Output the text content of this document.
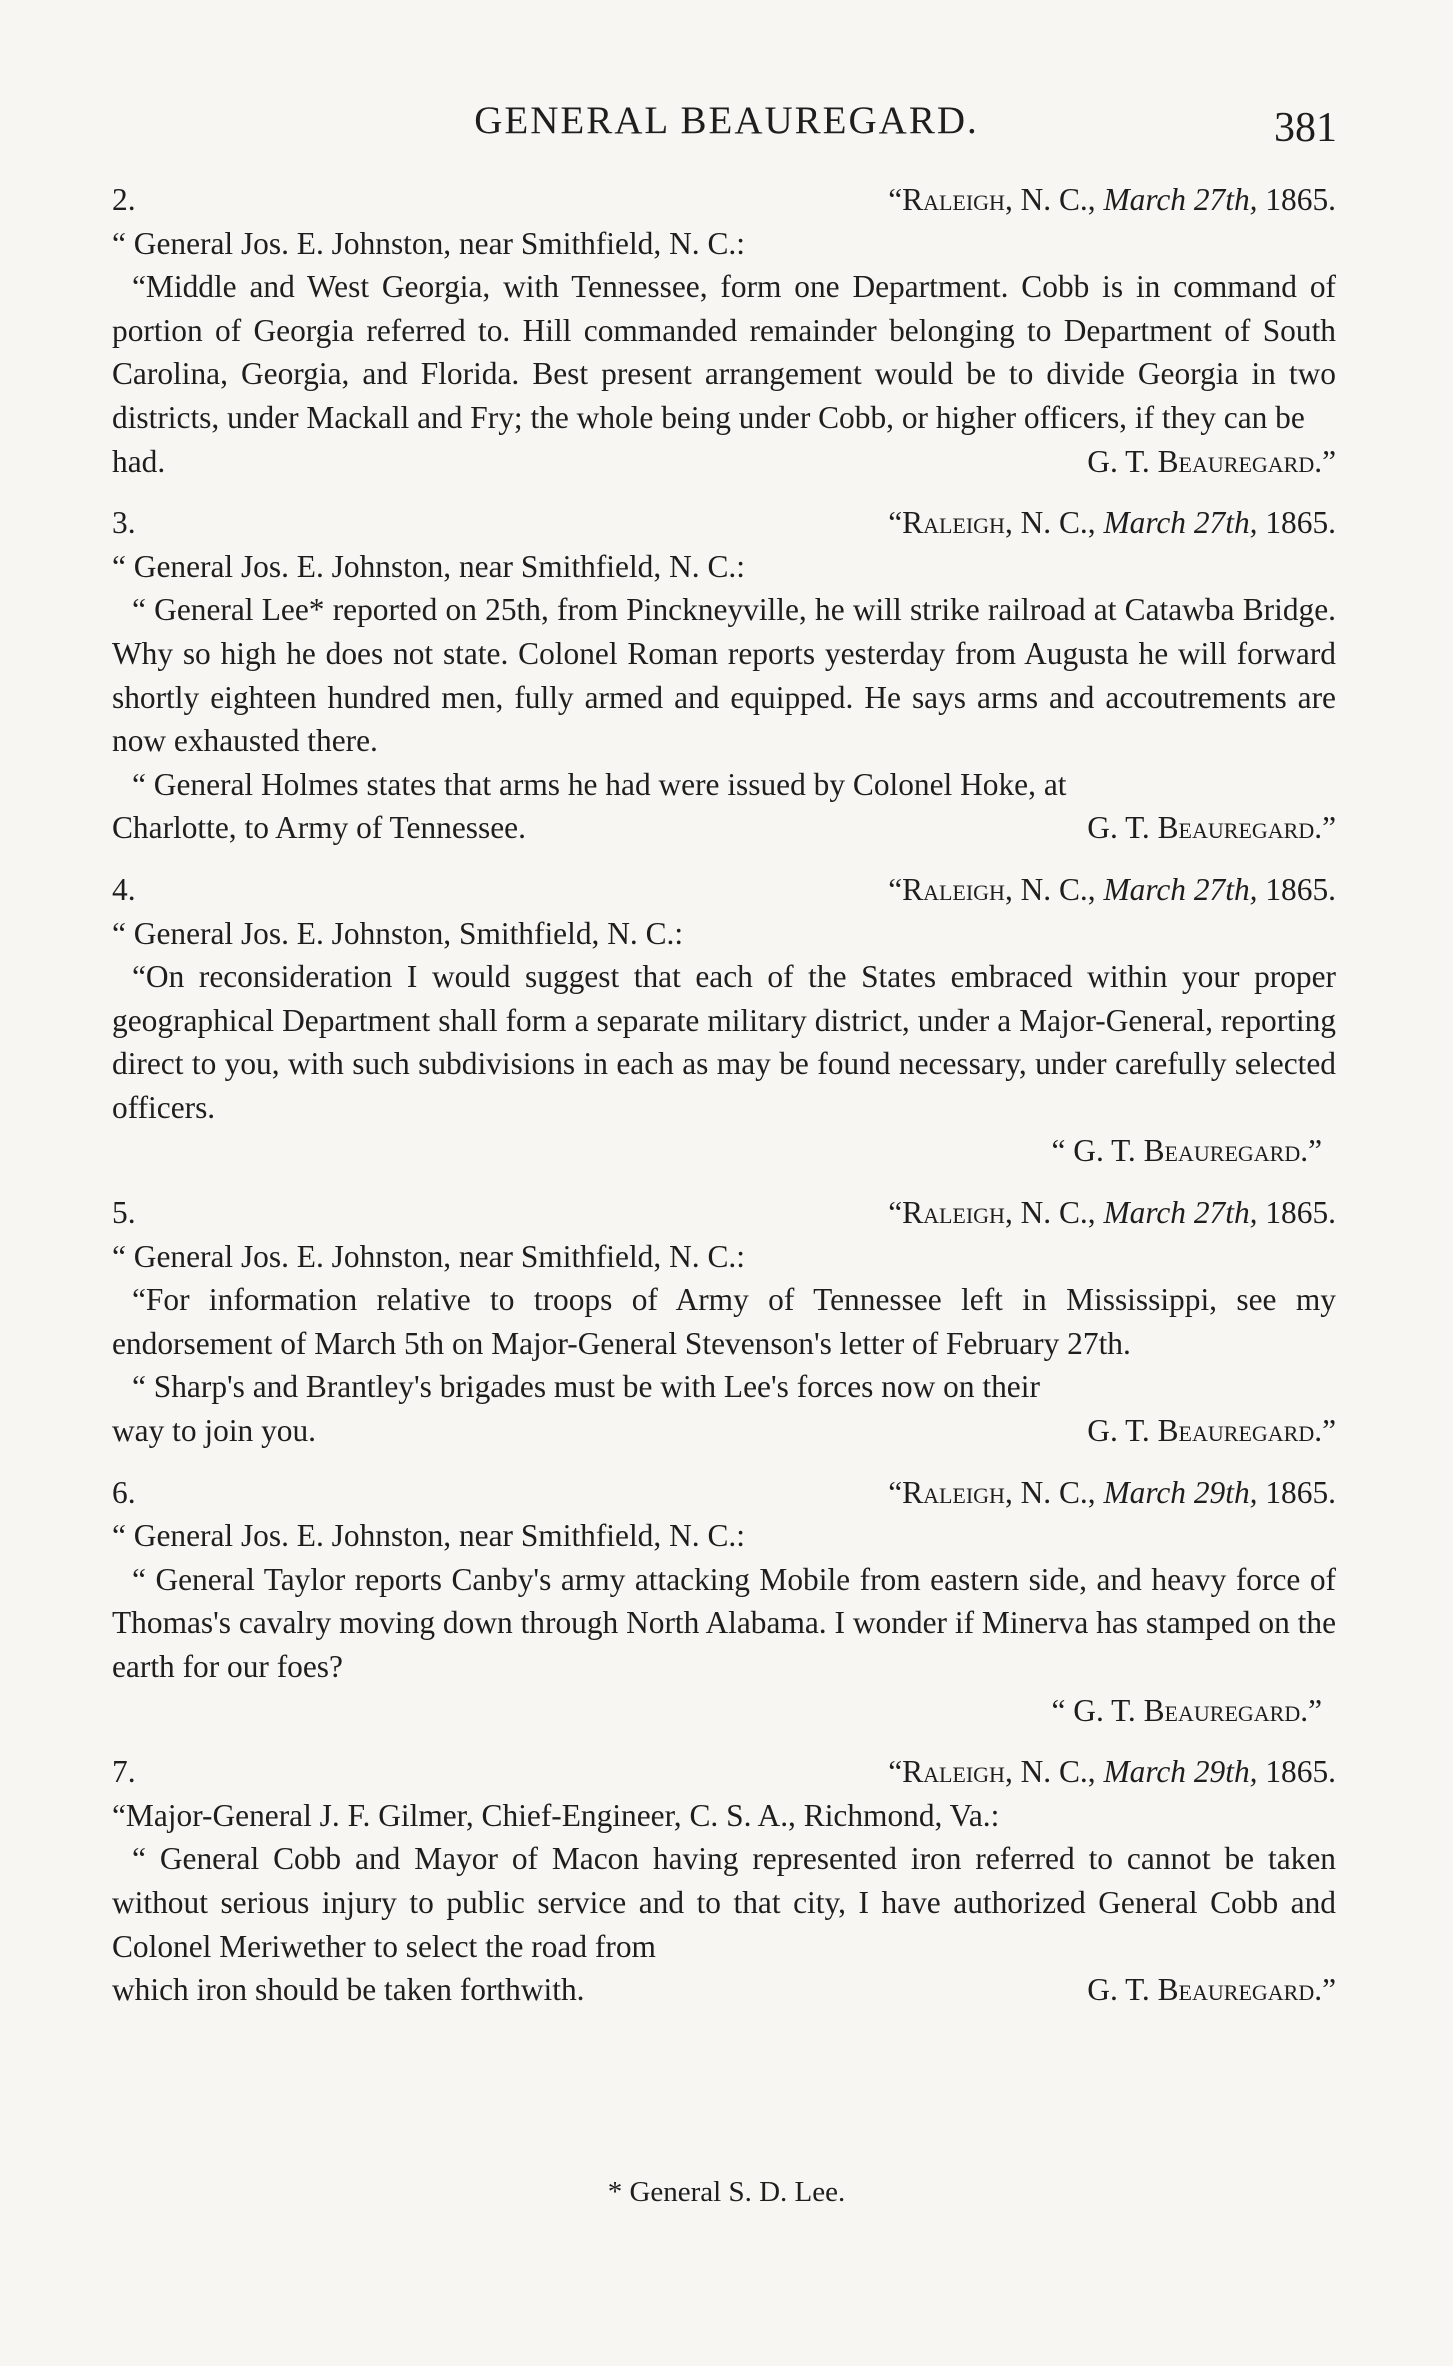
GENERAL BEAUREGARD.	381
2.	“Raleigh, N. C., March 27th, 1865.
“ General Jos. E. Johnston, near Smithfield, N. C.:
“Middle and West Georgia, with Tennessee, form one Department. Cobb is in command of portion of Georgia referred to. Hill commanded remainder belonging to Department of South Carolina, Georgia, and Florida. Best present arrangement would be to divide Georgia in two districts, under Mackall and Fry; the whole being under Cobb, or higher officers, if they can be
had.	G. T. Beauregard.”
3.	“Raleigh, N. C., March 27th, 1865.
“ General Jos. E. Johnston, near Smithfield, N. C.:
“ General Lee* reported on 25th, from Pinckneyville, he will strike railroad at Catawba Bridge. Why so high he does not state. Colonel Roman reports yesterday from Augusta he will forward shortly eighteen hundred men, fully armed and equipped. He says arms and accoutrements are now exhausted there.
“ General Holmes states that arms he had were issued by Colonel Hoke, at
Charlotte, to Army of Tennessee.	G. T. Beauregard.”
4.	“Raleigh, N. C., March 27th, 1865.
“ General Jos. E. Johnston, Smithfield, N. C.:
“On reconsideration I would suggest that each of the States embraced within your proper geographical Department shall form a separate military district, under a Major-General, reporting direct to you, with such subdivisions in each as may be found necessary, under carefully selected officers.
“ G. T. Beauregard.”
5.	“Raleigh, N. C., March 27th, 1865.
“ General Jos. E. Johnston, near Smithfield, N. C.:
“For information relative to troops of Army of Tennessee left in Mississippi, see my endorsement of March 5th on Major-General Stevenson's letter of February 27th.
“ Sharp's and Brantley's brigades must be with Lee's forces now on their
way to join you.	G. T. Beauregard.”
6.	“Raleigh, N. C., March 29th, 1865.
“ General Jos. E. Johnston, near Smithfield, N. C.:
“ General Taylor reports Canby's army attacking Mobile from eastern side, and heavy force of Thomas's cavalry moving down through North Alabama. I wonder if Minerva has stamped on the earth for our foes?
“ G. T. Beauregard.”
7.	“Raleigh, N. C., March 29th, 1865.
“Major-General J. F. Gilmer, Chief-Engineer, C. S. A., Richmond, Va.:
“ General Cobb and Mayor of Macon having represented iron referred to cannot be taken without serious injury to public service and to that city, I have authorized General Cobb and Colonel Meriwether to select the road from
which iron should be taken forthwith.	G. T. Beauregard.”
* General S. D. Lee.
